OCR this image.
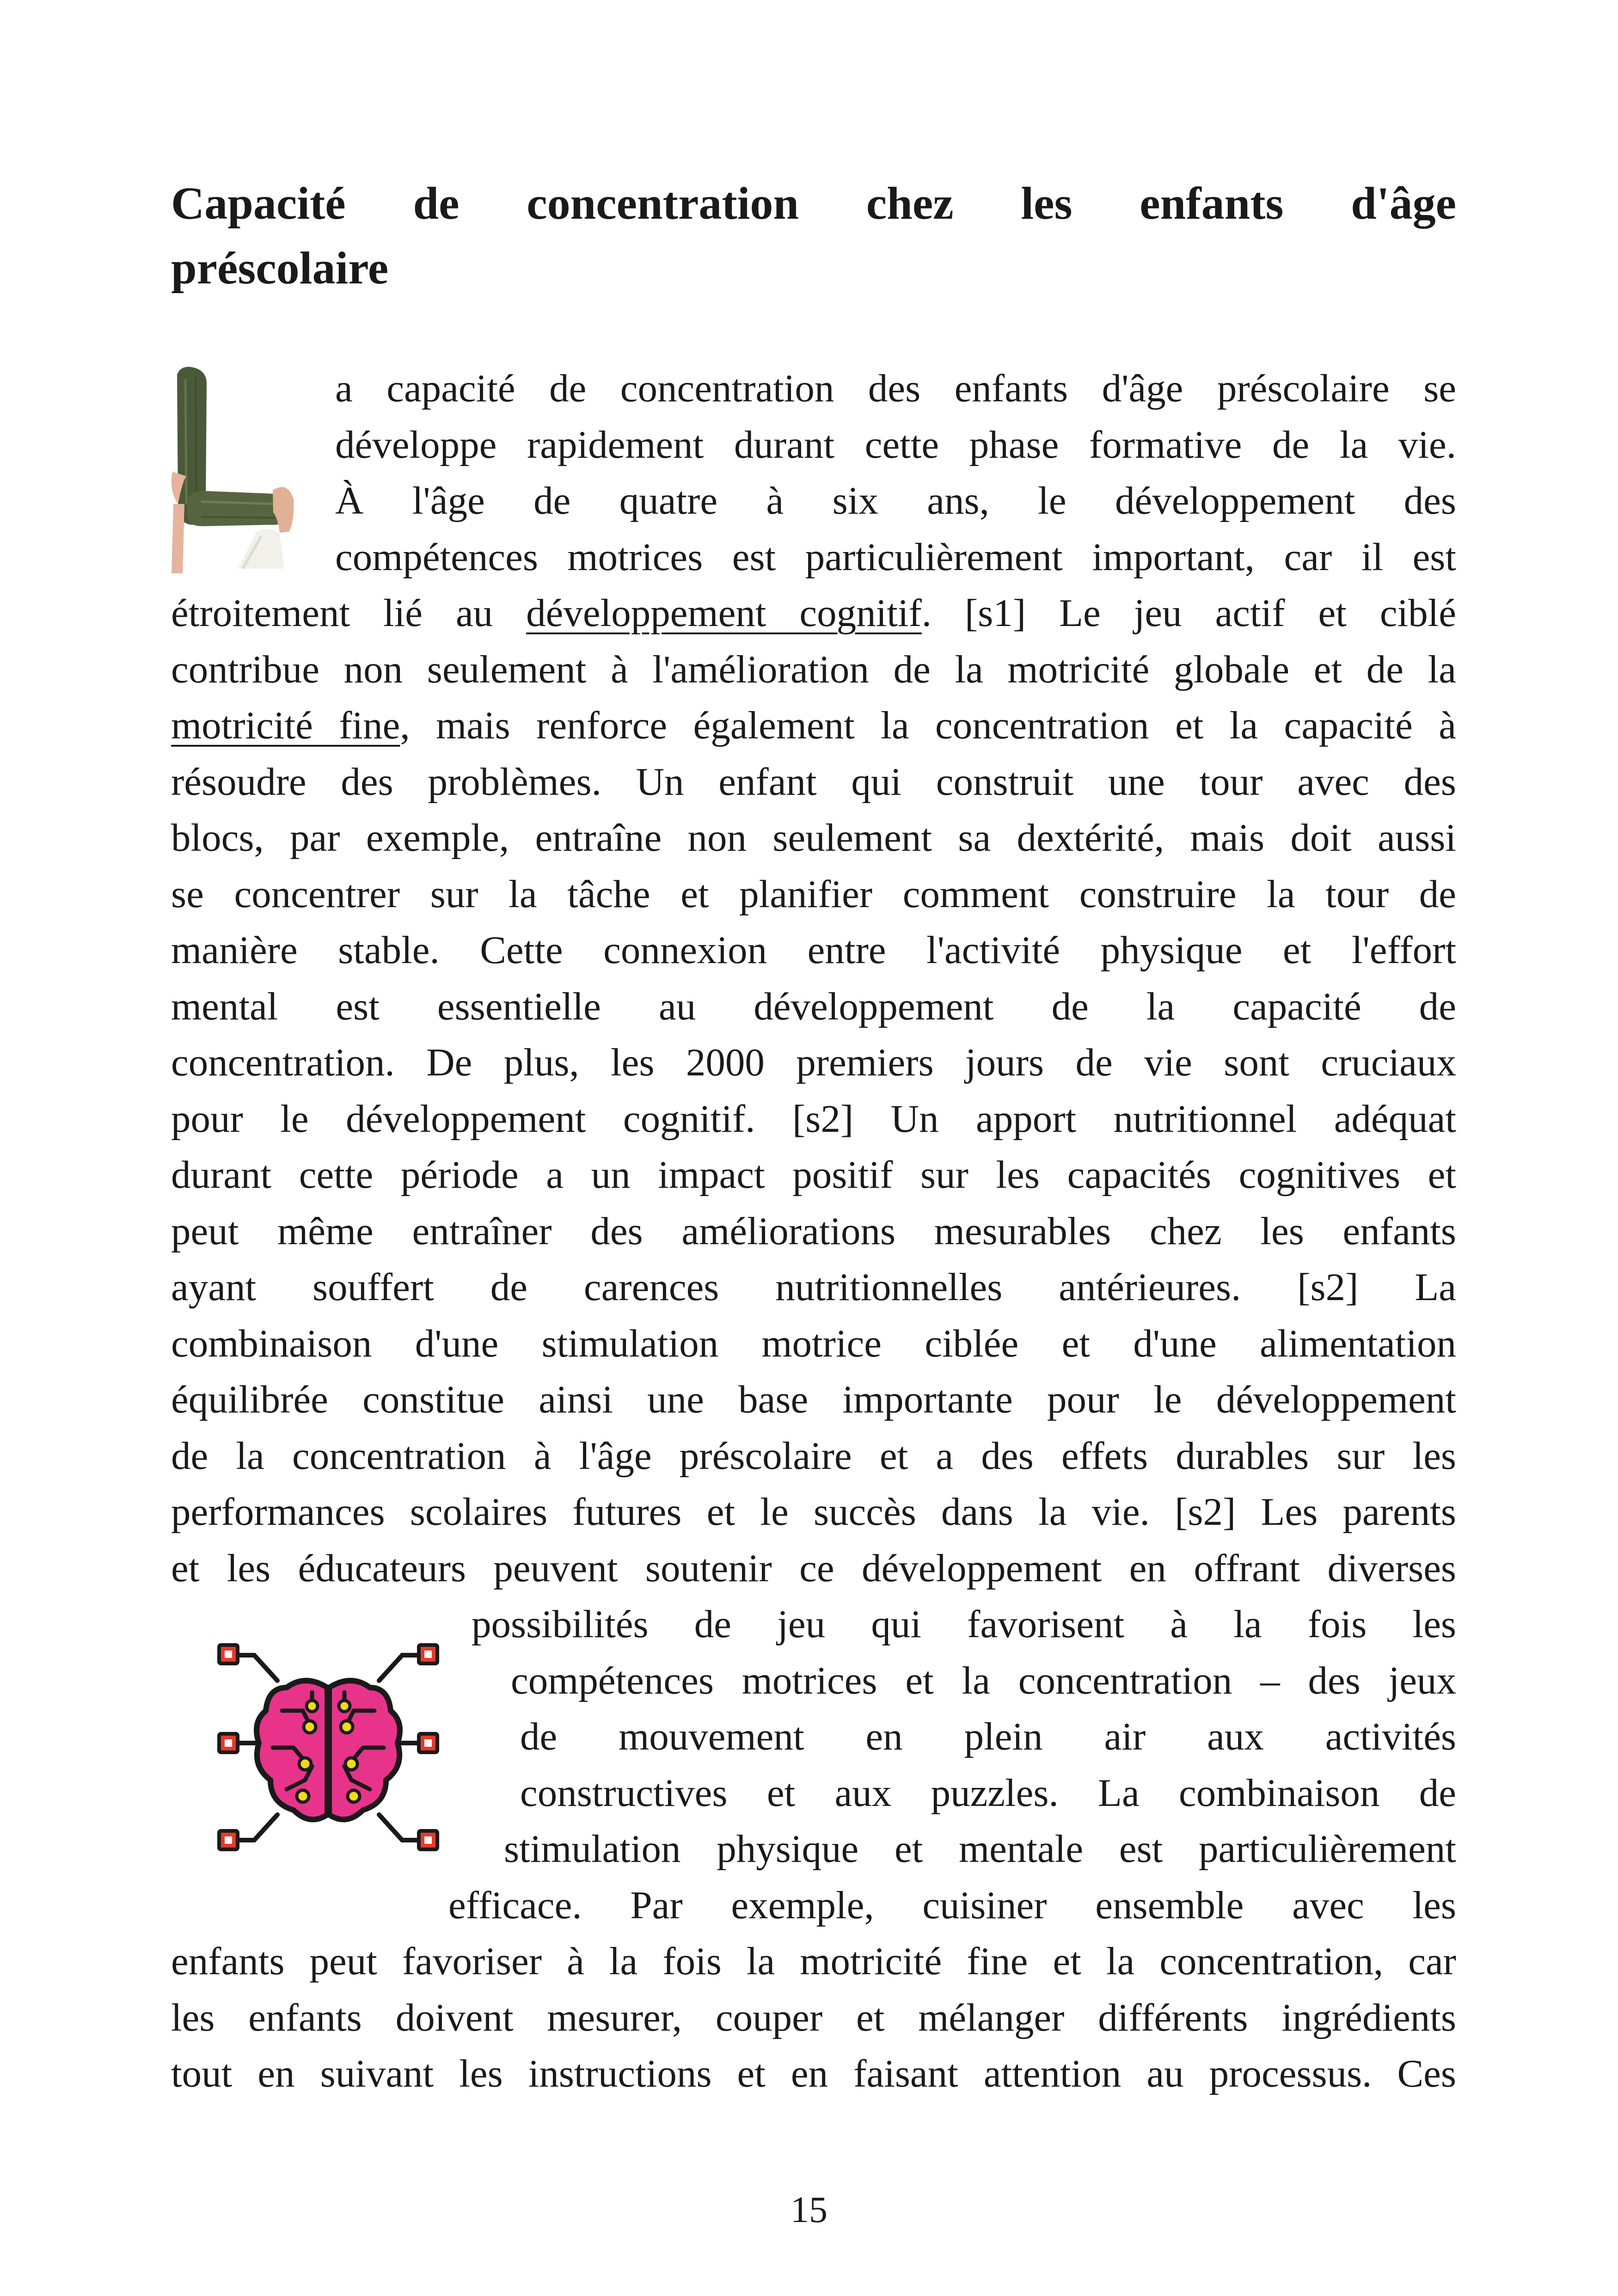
Capacité de concentration chez les enfants d'âge
préscolaire
a capacité de concentration des enfants d'âge préscolaire se
développe rapidement durant cette phase formative de la vie.
À l'âge de quatre à six ans, le développement des
compétences motrices est particulièrement important, car il est
étroitement lié au développement cognitif. [s1] Le jeu actif et ciblé
contribue non seulement à l'amélioration de la motricité globale et de la
motricité fine, mais renforce également la concentration et la capacité à
résoudre des problèmes. Un enfant qui construit une tour avec des
blocs, par exemple, entraîne non seulement sa dextérité, mais doit aussi
se concentrer sur la tâche et planifier comment construire la tour de
manière stable. Cette connexion entre l'activité physique et l'effort
mental est essentielle au développement de la capacité de
concentration. De plus, les 2000 premiers jours de vie sont cruciaux
pour le développement cognitif. [s2] Un apport nutritionnel adéquat
durant cette période a un impact positif sur les capacités cognitives et
peut même entraîner des améliorations mesurables chez les enfants
ayant souffert de carences nutritionnelles antérieures. [s2] La
combinaison d'une stimulation motrice ciblée et d'une alimentation
équilibrée constitue ainsi une base importante pour le développement
de la concentration à l'âge préscolaire et a des effets durables sur les
performances scolaires futures et le succès dans la vie. [s2] Les parents
et les éducateurs peuvent soutenir ce développement en offrant diverses
possibilités de jeu qui favorisent à la fois les
compétences motrices et la concentration – des jeux
de mouvement en plein air aux activités
constructives et aux puzzles. La combinaison de
stimulation physique et mentale est particulièrement
efficace. Par exemple, cuisiner ensemble avec les
enfants peut favoriser à la fois la motricité fine et la concentration, car
les enfants doivent mesurer, couper et mélanger différents ingrédients
tout en suivant les instructions et en faisant attention au processus. Ces
15
